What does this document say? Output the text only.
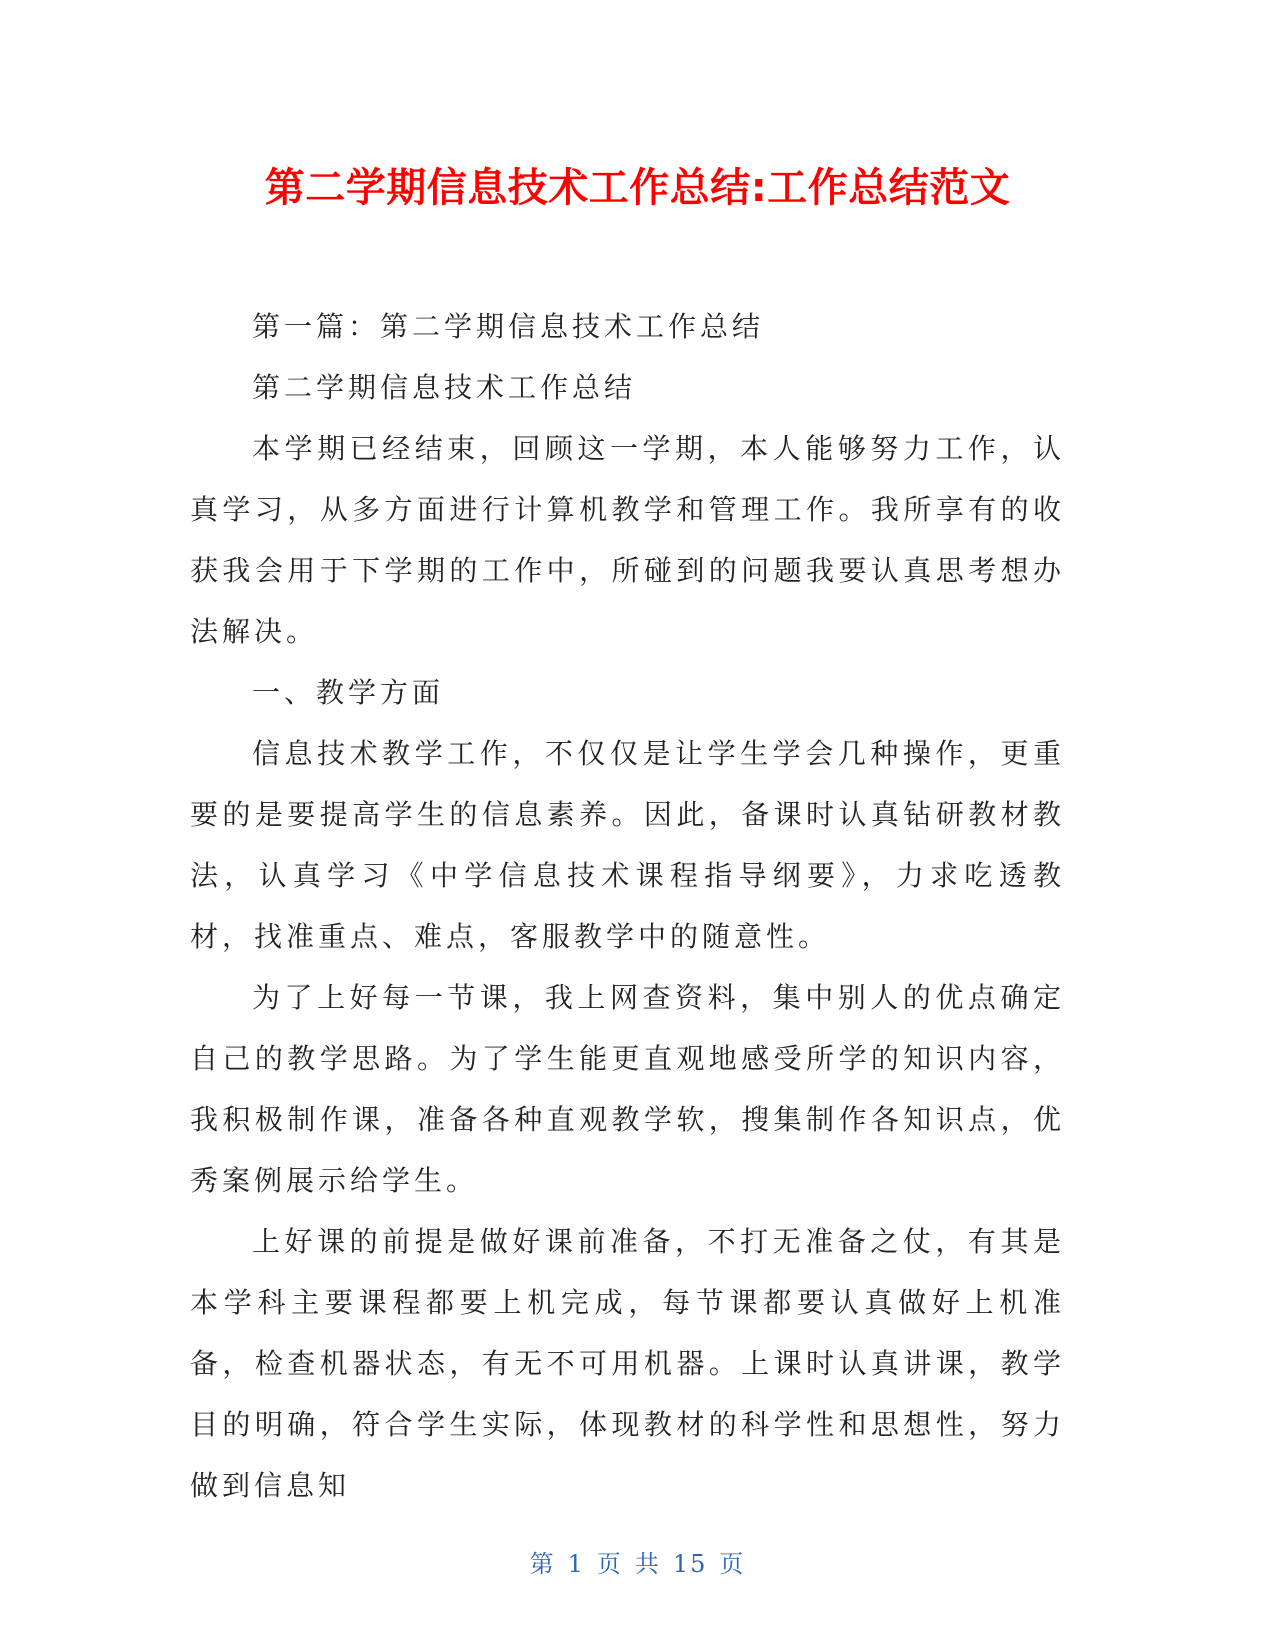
第二学期信息技术工作总结:工作总结范文

第一篇：第二学期信息技术工作总结

第二学期信息技术工作总结

本学期已经结束，回顾这一学期，本人能够努力工作，认真学习，从多方面进行计算机教学和管理工作。我所享有的收获我会用于下学期的工作中，所碰到的问题我要认真思考想办法解决。

一、教学方面

信息技术教学工作，不仅仅是让学生学会几种操作，更重要的是要提高学生的信息素养。因此，备课时认真钻研教材教法，认真学习《中学信息技术课程指导纲要》，力求吃透教材，找准重点、难点，客服教学中的随意性。

为了上好每一节课，我上网查资料，集中别人的优点确定自己的教学思路。为了学生能更直观地感受所学的知识内容，我积极制作课，准备各种直观教学软，搜集制作各知识点，优秀案例展示给学生。

上好课的前提是做好课前准备，不打无准备之仗，有其是本学科主要课程都要上机完成，每节课都要认真做好上机准备，检查机器状态，有无不可用机器。上课时认真讲课，教学目的明确，符合学生实际，体现教材的科学性和思想性，努力做到信息知

第 1 页 共 15 页
